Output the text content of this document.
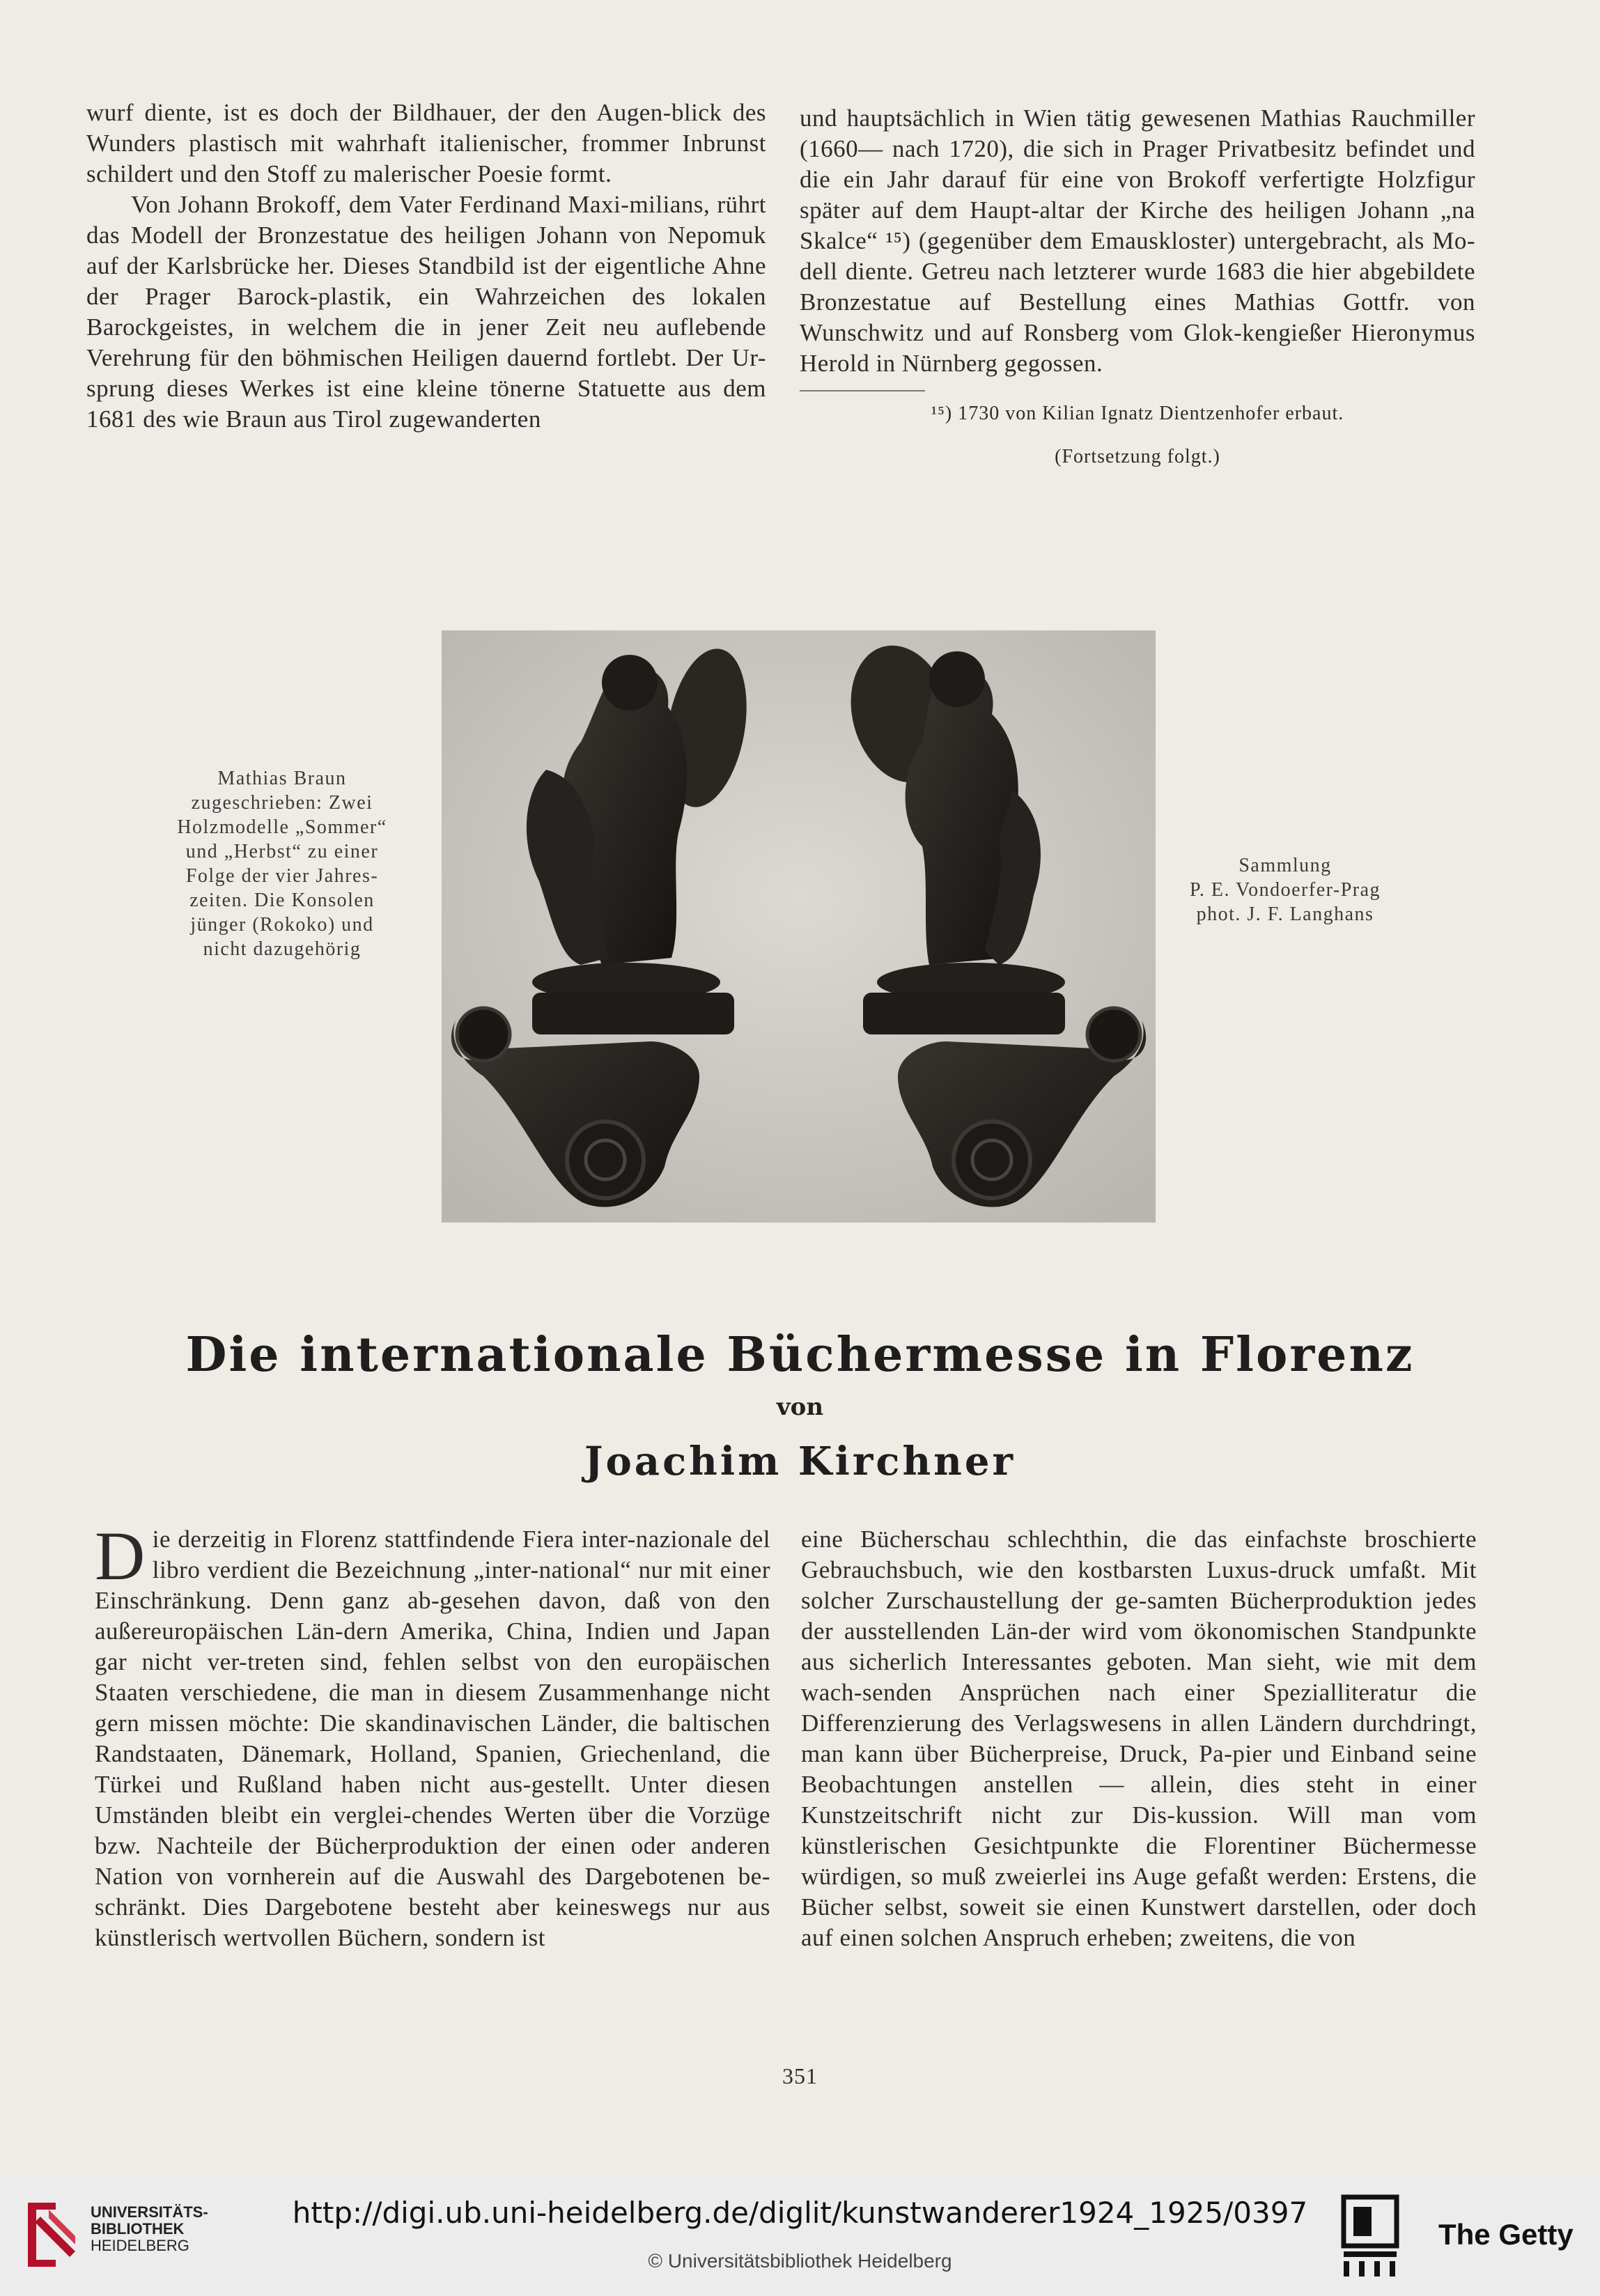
wurf diente, ist es doch der Bildhauer, der den Augen-blick des Wunders plastisch mit wahrhaft italienischer, frommer Inbrunst schildert und den Stoff zu malerischer Poesie formt.

Von Johann Brokoff, dem Vater Ferdinand Maxi-milians, rührt das Modell der Bronzestatue des heiligen Johann von Nepomuk auf der Karlsbrücke her. Dieses Standbild ist der eigentliche Ahne der Prager Barock-plastik, ein Wahrzeichen des lokalen Barockgeistes, in welchem die in jener Zeit neu auflebende Verehrung für den böhmischen Heiligen dauernd fortlebt. Der Ur-sprung dieses Werkes ist eine kleine tönerne Statuette aus dem 1681 des wie Braun aus Tirol zugewanderten

und hauptsächlich in Wien tätig gewesenen Mathias Rauchmiller (1660— nach 1720), die sich in Prager Privatbesitz befindet und die ein Jahr darauf für eine von Brokoff verfertigte Holzfigur später auf dem Haupt-altar der Kirche des heiligen Johann „na Skalce“ ¹⁵) (gegenüber dem Emauskloster) untergebracht, als Mo-dell diente. Getreu nach letzterer wurde 1683 die hier abgebildete Bronzestatue auf Bestellung eines Mathias Gottfr. von Wunschwitz und auf Ronsberg vom Glok-kengießer Hieronymus Herold in Nürnberg gegossen.

¹⁵) 1730 von Kilian Ignatz Dientzenhofer erbaut.
(Fortsetzung folgt.)
Mathias Braun
zugeschrieben: Zwei
Holzmodelle „Sommer“
und „Herbst“ zu einer
Folge der vier Jahres-
zeiten. Die Konsolen
jünger (Rokoko) und
nicht dazugehörig
Sammlung
P. E. Vondoerfer-Prag
phot. J. F. Langhans
Die internationale Büchermesse in Florenz
von
Joachim Kirchner
D ie derzeitig in Florenz stattfindende Fiera inter-nazionale del libro verdient die Bezeichnung „inter-national“ nur mit einer Einschränkung. Denn ganz ab-gesehen davon, daß von den außereuropäischen Län-dern Amerika, China, Indien und Japan gar nicht ver-treten sind, fehlen selbst von den europäischen Staaten verschiedene, die man in diesem Zusammenhange nicht gern missen möchte: Die skandinavischen Länder, die baltischen Randstaaten, Dänemark, Holland, Spanien, Griechenland, die Türkei und Rußland haben nicht aus-gestellt. Unter diesen Umständen bleibt ein verglei-chendes Werten über die Vorzüge bzw. Nachteile der Bücherproduktion der einen oder anderen Nation von vornherein auf die Auswahl des Dargebotenen be-schränkt. Dies Dargebotene besteht aber keineswegs nur aus künstlerisch wertvollen Büchern, sondern ist

eine Bücherschau schlechthin, die das einfachste broschierte Gebrauchsbuch, wie den kostbarsten Luxus-druck umfaßt. Mit solcher Zurschaustellung der ge-samten Bücherproduktion jedes der ausstellenden Län-der wird vom ökonomischen Standpunkte aus sicherlich Interessantes geboten. Man sieht, wie mit dem wach-senden Ansprüchen nach einer Spezialliteratur die Differenzierung des Verlagswesens in allen Ländern durchdringt, man kann über Bücherpreise, Druck, Pa-pier und Einband seine Beobachtungen anstellen — allein, dies steht in einer Kunstzeitschrift nicht zur Dis-kussion. Will man vom künstlerischen Gesichtpunkte die Florentiner Büchermesse würdigen, so muß zweierlei ins Auge gefaßt werden: Erstens, die Bücher selbst, soweit sie einen Kunstwert darstellen, oder doch auf einen solchen Anspruch erheben; zweitens, die von

351
UNIVERSITÄTS-
BIBLIOTHEK
HEIDELBERG
http://digi.ub.uni-heidelberg.de/diglit/kunstwanderer1924_1925/0397
© Universitätsbibliothek Heidelberg
The Getty
